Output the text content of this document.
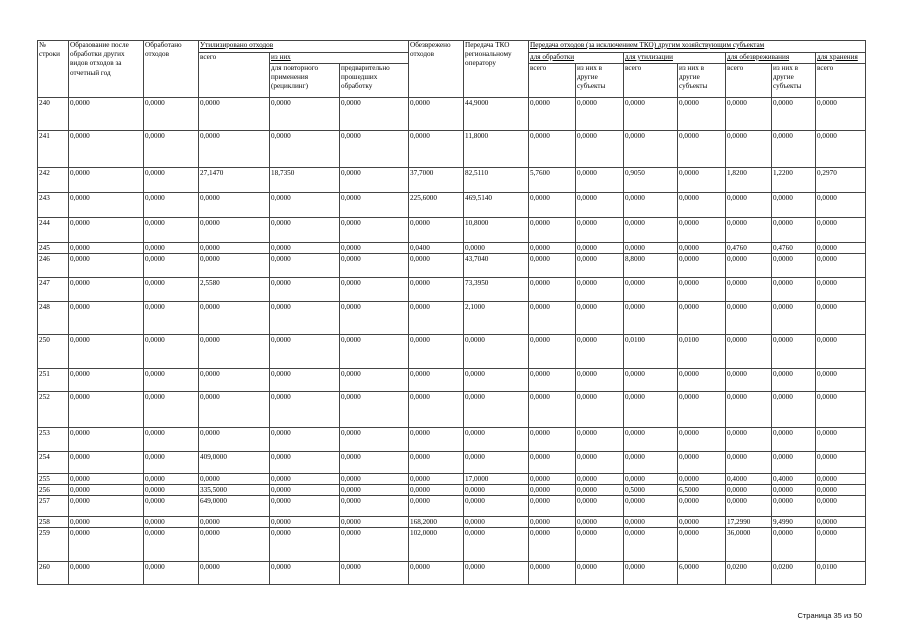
№ строки	Образование после обработки других видов отходов за отчетный год	Обработано отходов	Утилизировано отходов			Обезврежено отходов	Передача ТКО региональному оператору	Передача отходов (за исключением ТКО) другим хозяйствующим субъектам						
			всего	из них				для обработки		для утилизации		для обезвреживания		для хранения
				для повторного применения (рециклинг)	предварительно прошедших обработку			всего	из них в другие субъекты	всего	из них в другие субъекты	всего	из них в другие субъекты	всего
240	0,0000	0,0000	0,0000	0,0000	0,0000	0,0000	44,9000	0,0000	0,0000	0,0000	0,0000	0,0000	0,0000	0,0000
241	0,0000	0,0000	0,0000	0,0000	0,0000	0,0000	11,8000	0,0000	0,0000	0,0000	0,0000	0,0000	0,0000	0,0000
242	0,0000	0,0000	27,1470	18,7350	0,0000	37,7000	82,5110	5,7600	0,0000	0,9050	0,0000	1,8200	1,2200	0,2970
243	0,0000	0,0000	0,0000	0,0000	0,0000	225,6000	469,5140	0,0000	0,0000	0,0000	0,0000	0,0000	0,0000	0,0000
244	0,0000	0,0000	0,0000	0,0000	0,0000	0,0000	10,8000	0,0000	0,0000	0,0000	0,0000	0,0000	0,0000	0,0000
245	0,0000	0,0000	0,0000	0,0000	0,0000	0,0400	0,0000	0,0000	0,0000	0,0000	0,0000	0,4760	0,4760	0,0000
246	0,0000	0,0000	0,0000	0,0000	0,0000	0,0000	43,7040	0,0000	0,0000	8,8000	0,0000	0,0000	0,0000	0,0000
247	0,0000	0,0000	2,5580	0,0000	0,0000	0,0000	73,3950	0,0000	0,0000	0,0000	0,0000	0,0000	0,0000	0,0000
248	0,0000	0,0000	0,0000	0,0000	0,0000	0,0000	2,1000	0,0000	0,0000	0,0000	0,0000	0,0000	0,0000	0,0000
250	0,0000	0,0000	0,0000	0,0000	0,0000	0,0000	0,0000	0,0000	0,0000	0,0100	0,0100	0,0000	0,0000	0,0000
251	0,0000	0,0000	0,0000	0,0000	0,0000	0,0000	0,0000	0,0000	0,0000	0,0000	0,0000	0,0000	0,0000	0,0000
252	0,0000	0,0000	0,0000	0,0000	0,0000	0,0000	0,0000	0,0000	0,0000	0,0000	0,0000	0,0000	0,0000	0,0000
253	0,0000	0,0000	0,0000	0,0000	0,0000	0,0000	0,0000	0,0000	0,0000	0,0000	0,0000	0,0000	0,0000	0,0000
254	0,0000	0,0000	409,0000	0,0000	0,0000	0,0000	0,0000	0,0000	0,0000	0,0000	0,0000	0,0000	0,0000	0,0000
255	0,0000	0,0000	0,0000	0,0000	0,0000	0,0000	17,0000	0,0000	0,0000	0,0000	0,0000	0,4000	0,4000	0,0000
256	0,0000	0,0000	335,5000	0,0000	0,0000	0,0000	0,0000	0,0000	0,0000	0,5000	6,5000	0,0000	0,0000	0,0000
257	0,0000	0,0000	649,0000	0,0000	0,0000	0,0000	0,0000	0,0000	0,0000	0,0000	0,0000	0,0000	0,0000	0,0000
258	0,0000	0,0000	0,0000	0,0000	0,0000	168,2000	0,0000	0,0000	0,0000	0,0000	0,0000	17,2990	9,4990	0,0000
259	0,0000	0,0000	0,0000	0,0000	0,0000	102,0000	0,0000	0,0000	0,0000	0,0000	0,0000	36,0000	0,0000	0,0000
260	0,0000	0,0000	0,0000	0,0000	0,0000	0,0000	0,0000	0,0000	0,0000	0,0000	6,0000	0,0200	0,0200	0,0100
Страница 35 из 50
